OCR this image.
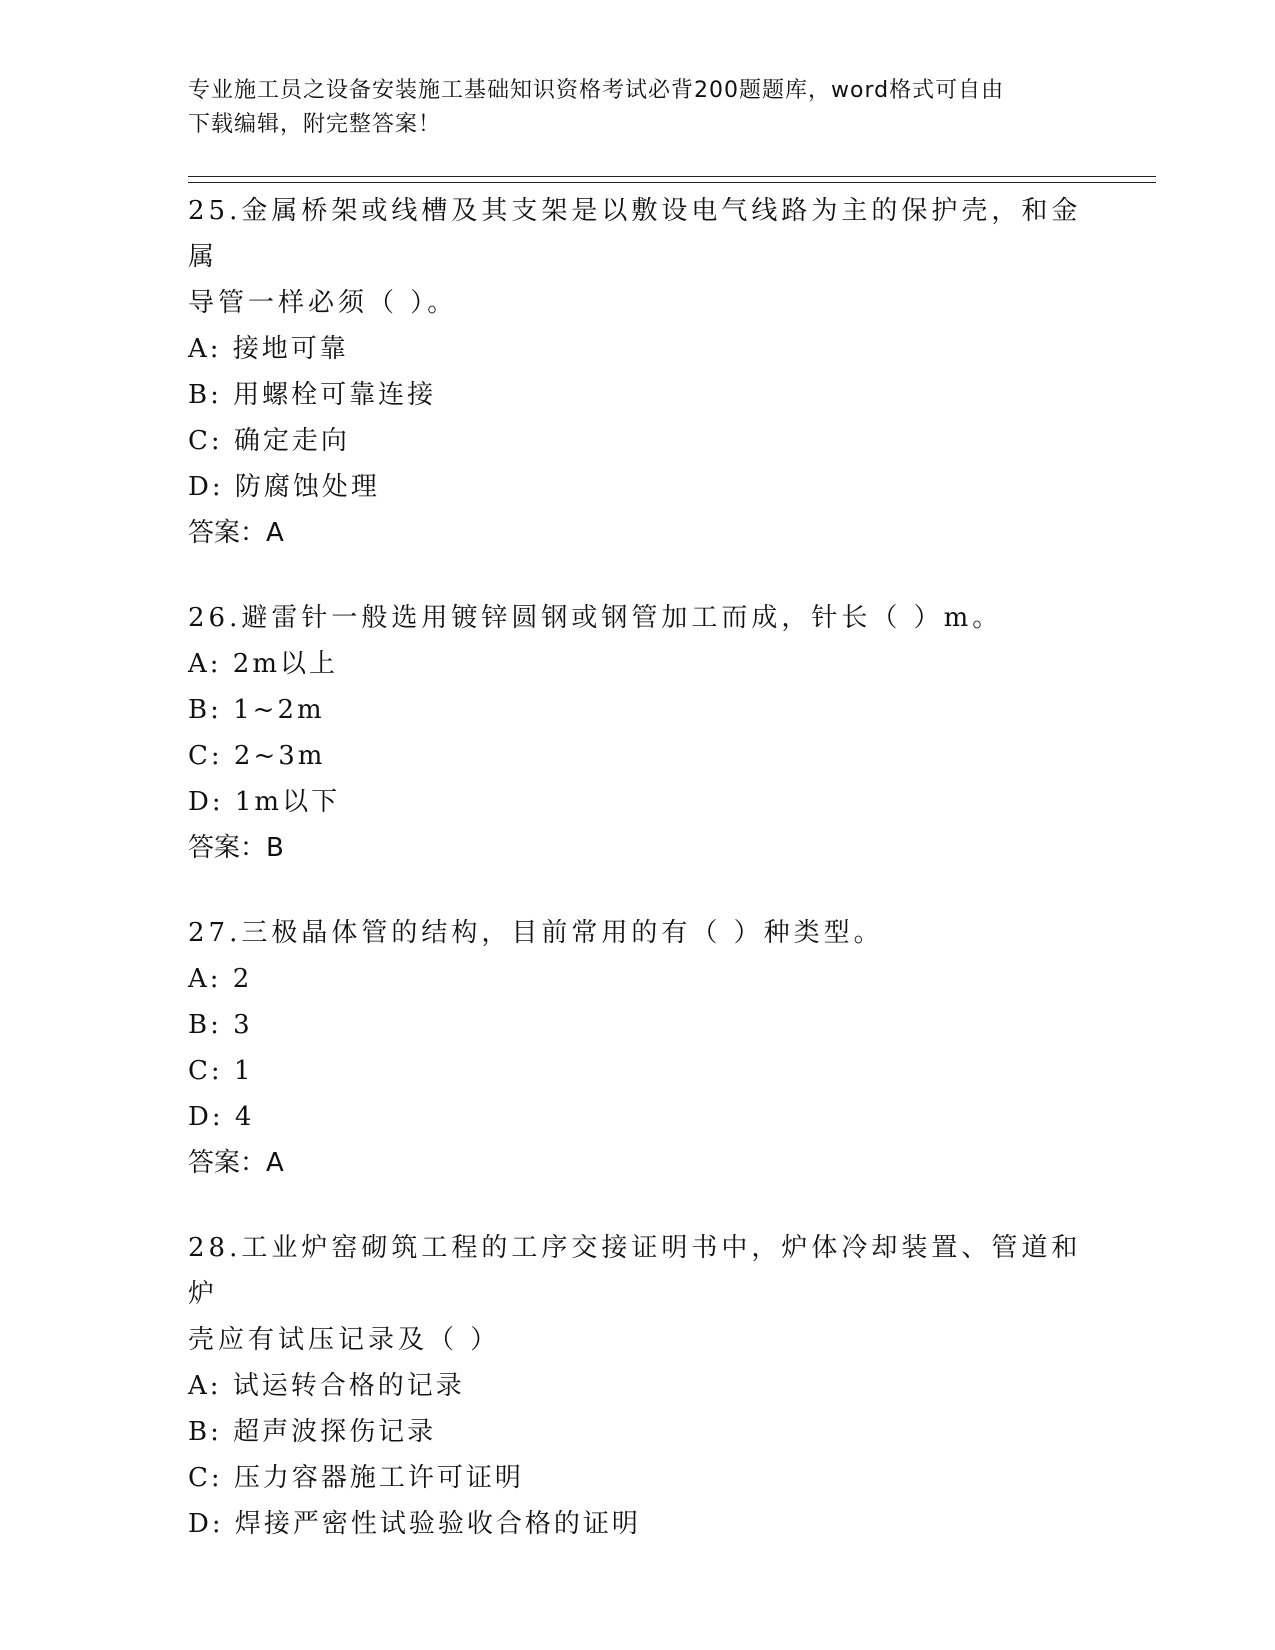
专业施工员之设备安装施工基础知识资格考试必背200题题库，word格式可自由
下载编辑，附完整答案！

25.金属桥架或线槽及其支架是以敷设电气线路为主的保护壳，和金属

导管一样必须（ ）。

A: 接地可靠

B: 用螺栓可靠连接

C: 确定走向

D: 防腐蚀处理

答案：A

26.避雷针一般选用镀锌圆钢或钢管加工而成，针长（ ）m。

A: 2m以上

B: 1~2m

C: 2~3m

D: 1m以下

答案：B

27.三极晶体管的结构，目前常用的有（ ）种类型。

A: 2

B: 3

C: 1

D: 4

答案：A

28.工业炉窑砌筑工程的工序交接证明书中，炉体冷却装置、管道和炉

壳应有试压记录及（ ）

A: 试运转合格的记录

B: 超声波探伤记录

C: 压力容器施工许可证明

D: 焊接严密性试验验收合格的证明
